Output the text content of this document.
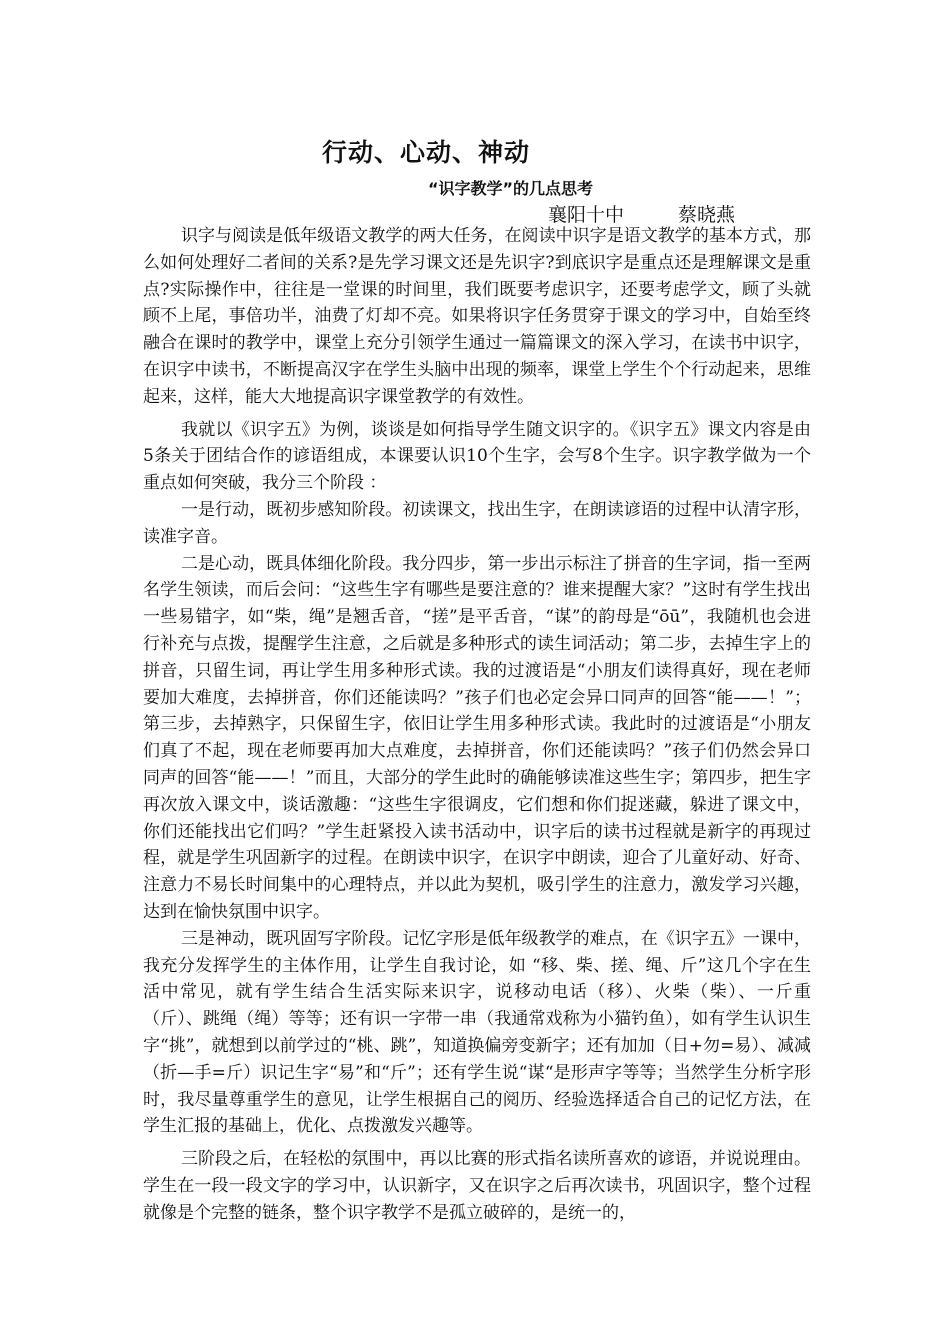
行动、心动、神动
“识字教学”的几点思考
襄阳十中	蔡晓燕

识字与阅读是低年级语文教学的两大任务，在阅读中识字是语文教学的基本方式，那么如何处理好二者间的关系?是先学习课文还是先识字?到底识字是重点还是理解课文是重点?实际操作中，往往是一堂课的时间里，我们既要考虑识字，还要考虑学文，顾了头就顾不上尾，事倍功半，油费了灯却不亮。如果将识字任务贯穿于课文的学习中，自始至终融合在课时的教学中，课堂上充分引领学生通过一篇篇课文的深入学习，在读书中识字，在识字中读书，不断提高汉字在学生头脑中出现的频率，课堂上学生个个行动起来，思维起来，这样，能大大地提高识字课堂教学的有效性。

我就以《识字五》为例，谈谈是如何指导学生随文识字的。《识字五》课文内容是由5条关于团结合作的谚语组成，本课要认识10个生字，会写8个生字。识字教学做为一个重点如何突破，我分三个阶段 ：

一是行动，既初步感知阶段。初读课文，找出生字，在朗读谚语的过程中认清字形，读准字音。

二是心动，既具体细化阶段。我分四步，第一步出示标注了拼音的生字词，指一至两名学生领读，而后会问：“这些生字有哪些是要注意的？谁来提醒大家？”这时有学生找出一些易错字，如“柴，绳”是翘舌音，“搓”是平舌音，“谋”的韵母是“ōū”，我随机也会进行补充与点拨，提醒学生注意，之后就是多种形式的读生词活动；第二步，去掉生字上的拼音，只留生词，再让学生用多种形式读。我的过渡语是“小朋友们读得真好，现在老师要加大难度，去掉拼音，你们还能读吗？”孩子们也必定会异口同声的回答“能——！”；第三步，去掉熟字，只保留生字，依旧让学生用多种形式读。我此时的过渡语是“小朋友们真了不起，现在老师要再加大点难度，去掉拼音，你们还能读吗？”孩子们仍然会异口同声的回答“能——！”而且，大部分的学生此时的确能够读准这些生字；第四步，把生字再次放入课文中，谈话激趣：“这些生字很调皮，它们想和你们捉迷藏，躲进了课文中，你们还能找出它们吗？”学生赶紧投入读书活动中，识字后的读书过程就是新字的再现过程，就是学生巩固新字的过程。在朗读中识字，在识字中朗读，迎合了儿童好动、好奇、注意力不易长时间集中的心理特点，并以此为契机，吸引学生的注意力，激发学习兴趣，达到在愉快氛围中识字。

三是神动，既巩固写字阶段。记忆字形是低年级教学的难点，在《识字五》一课中，我充分发挥学生的主体作用，让学生自我讨论，如 “移、柴、搓、绳、斤”这几个字在生活中常见，就有学生结合生活实际来识字，说移动电话（移）、火柴（柴）、一斤重（斤）、跳绳（绳）等等；还有识一字带一串（我通常戏称为小猫钓鱼），如有学生认识生字“挑”，就想到以前学过的“桃、跳”，知道换偏旁变新字；还有加加（日+勿=易）、减减（折—手=斤）识记生字“易”和“斤”；还有学生说“谋“是形声字等等；当然学生分析字形时，我尽量尊重学生的意见，让学生根据自己的阅历、经验选择适合自己的记忆方法，在学生汇报的基础上，优化、点拨激发兴趣等。

三阶段之后，在轻松的氛围中，再以比赛的形式指名读所喜欢的谚语，并说说理由。学生在一段一段文字的学习中，认识新字，又在识字之后再次读书，巩固识字，整个过程就像是个完整的链条，整个识字教学不是孤立破碎的，是统一的，
